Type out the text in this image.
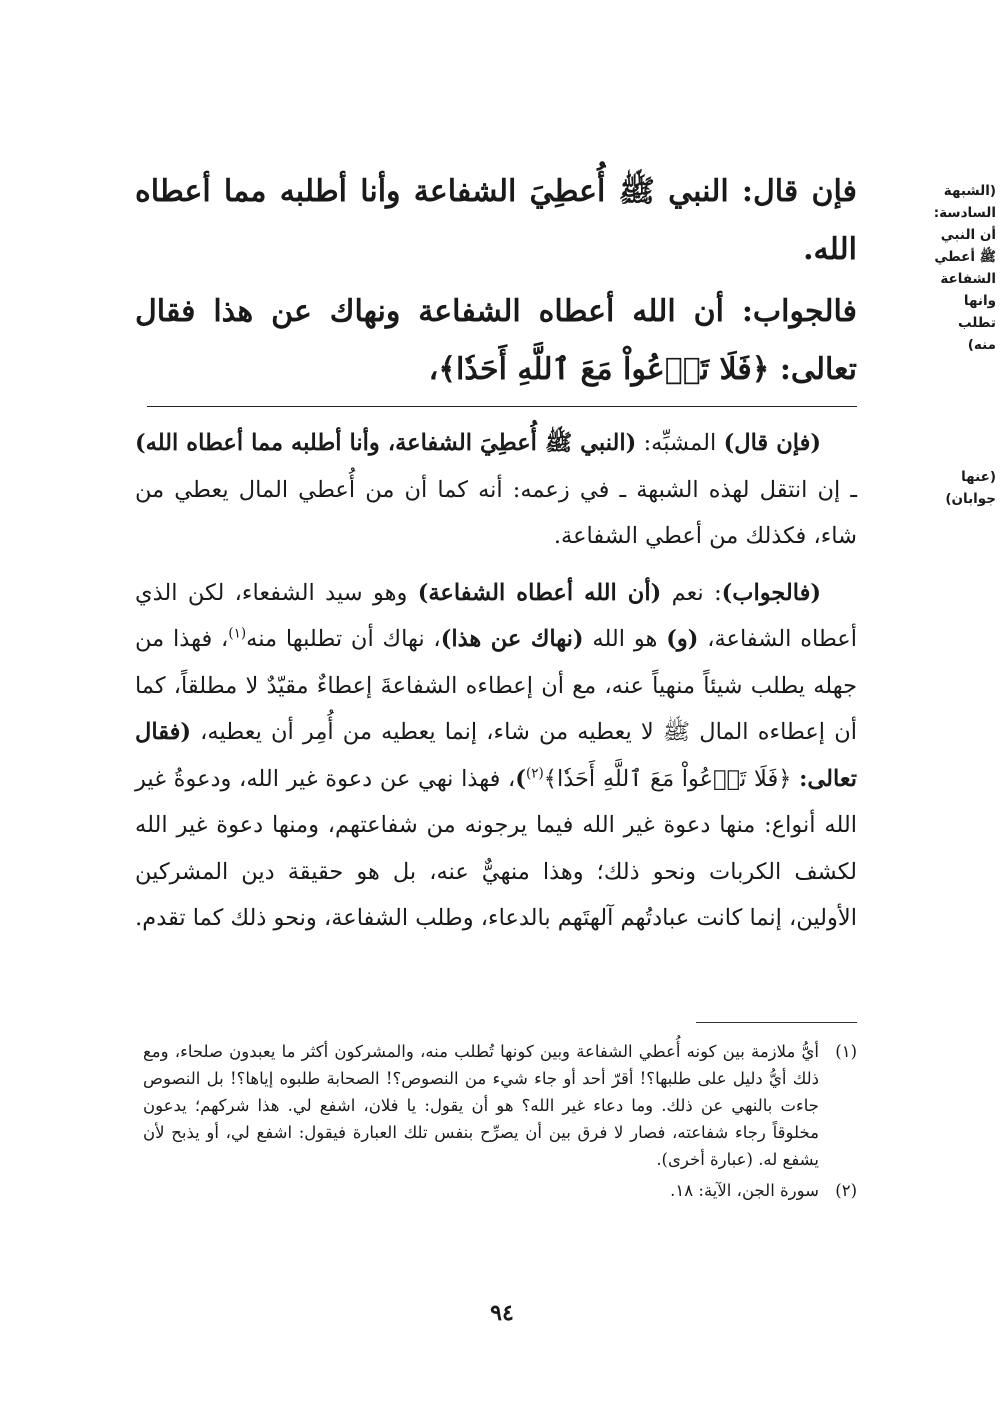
(الشبهة السادسة: أن النبي ﷺ أعطي الشفاعة وانها تطلب منه)
(عنها جوابان)

فإن قال: النبي ﷺ أُعطِيَ الشفاعة وأنا أطلبه مما أعطاه الله.

فالجواب: أن الله أعطاه الشفاعة ونهاك عن هذا فقال تعالى: ﴿فَلَا تَدۡعُواْ مَعَ ٱللَّهِ أَحَدٗا﴾،

(فإن قال) المشبِّه: (النبي ﷺ أُعطِيَ الشفاعة، وأنا أطلبه مما أعطاه الله) ـ إن انتقل لهذه الشبهة ـ في زعمه: أنه كما أن من أُعطي المال يعطي من شاء، فكذلك من أعطي الشفاعة.

(فالجواب): نعم (أن الله أعطاه الشفاعة) وهو سيد الشفعاء، لكن الذي أعطاه الشفاعة، (و) هو الله (نهاك عن هذا)، نهاك أن تطلبها منه$^{(١)}$، فهذا من جهله يطلب شيئاً منهياً عنه، مع أن إعطاءه الشفاعةَ إعطاءٌ مقيّدٌ لا مطلقاً، كما أن إعطاءه المال ﷺ لا يعطيه من شاء، إنما يعطيه من أُمِر أن يعطيه، (فقال تعالى: ﴿فَلَا تَدۡعُواْ مَعَ ٱللَّهِ أَحَدٗا﴾$^{(٢)}$)، فهذا نهي عن دعوة غير الله، ودعوةُ غير الله أنواع: منها دعوة غير الله فيما يرجونه من شفاعتهم، ومنها دعوة غير الله لكشف الكربات ونحو ذلك؛ وهذا منهيٌّ عنه، بل هو حقيقة دين المشركين الأولين، إنما كانت عبادتُهم آلهتَهم بالدعاء، وطلب الشفاعة، ونحو ذلك كما تقدم.

(١)
أيُّ ملازمة بين كونه أُعطي الشفاعة وبين كونها تُطلب منه، والمشركون أكثر ما يعبدون صلحاء، ومع ذلك أيُّ دليل على طلبها؟! أقرّ أحد أو جاء شيء من النصوص؟! الصحابة طلبوه إياها؟! بل النصوص جاءت بالنهي عن ذلك. وما دعاء غير الله؟ هو أن يقول: يا فلان، اشفع لي. هذا شركهم؛ يدعون مخلوقاً رجاء شفاعته، فصار لا فرق بين أن يصرِّح بنفس تلك العبارة فيقول: اشفع لي، أو يذبح لأن يشفع له. (عبارة أخرى).
(٢)
سورة الجن، الآية: ١٨.
٩٤
